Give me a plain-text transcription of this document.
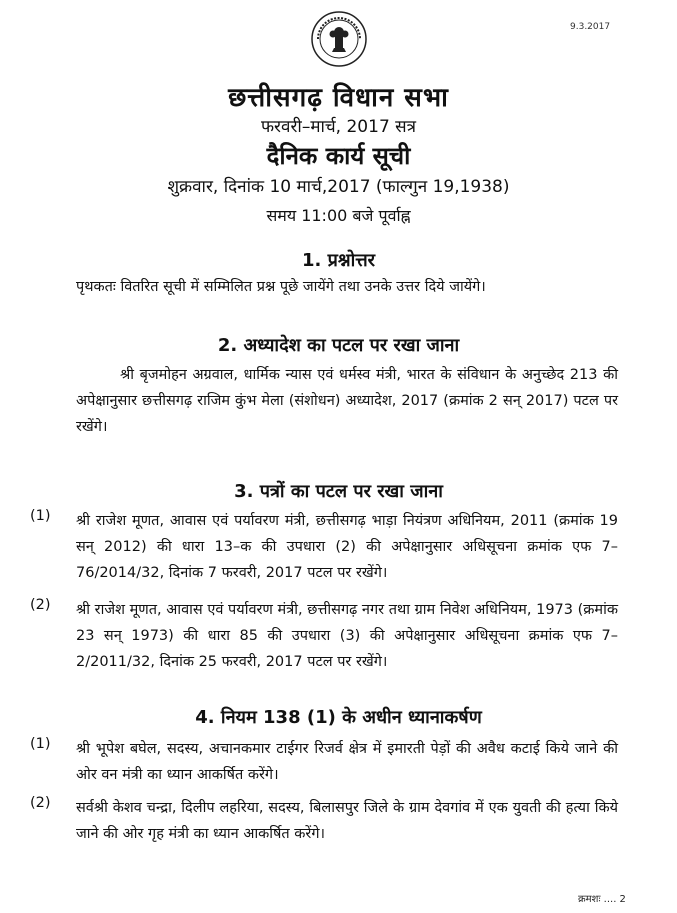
9.3.2017
छत्तीसगढ़ विधान सभा
फरवरी–मार्च, 2017 सत्र
दैनिक कार्य सूची
शुक्रवार, दिनांक 10 मार्च,2017 (फाल्गुन 19,1938)
समय 11:00 बजे पूर्वाह्न
1. प्रश्नोत्तर
पृथकतः वितरित सूची में सम्मिलित प्रश्न पूछे जायेंगे तथा उनके उत्तर दिये जायेंगे।
2. अध्यादेश का पटल पर रखा जाना
श्री बृजमोहन अग्रवाल, धार्मिक न्यास एवं धर्मस्व मंत्री, भारत के संविधान के अनुच्छेद 213 की अपेक्षानुसार छत्तीसगढ़ राजिम कुंभ मेला (संशोधन) अध्यादेश, 2017 (क्रमांक 2 सन् 2017) पटल पर रखेंगे।
3. पत्रों का पटल पर रखा जाना
(1) श्री राजेश मूणत, आवास एवं पर्यावरण मंत्री, छत्तीसगढ़ भाड़ा नियंत्रण अधिनियम, 2011 (क्रमांक 19 सन् 2012) की धारा 13–क की उपधारा (2) की अपेक्षानुसार अधिसूचना क्रमांक एफ 7–76/2014/32, दिनांक 7 फरवरी, 2017 पटल पर रखेंगे।
(2) श्री राजेश मूणत, आवास एवं पर्यावरण मंत्री, छत्तीसगढ़ नगर तथा ग्राम निवेश अधिनियम, 1973 (क्रमांक 23 सन् 1973) की धारा 85 की उपधारा (3) की अपेक्षानुसार अधिसूचना क्रमांक एफ 7–2/2011/32, दिनांक 25 फरवरी, 2017 पटल पर रखेंगे।
4. नियम 138 (1) के अधीन ध्यानाकर्षण
(1) श्री भूपेश बघेल, सदस्य, अचानकमार टाईगर रिजर्व क्षेत्र में इमारती पेड़ों की अवैध कटाई किये जाने की ओर वन मंत्री का ध्यान आकर्षित करेंगे।
(2) सर्वश्री केशव चन्द्रा, दिलीप लहरिया, सदस्य, बिलासपुर जिले के ग्राम देवगांव में एक युवती की हत्या किये जाने की ओर गृह मंत्री का ध्यान आकर्षित करेंगे।
क्रमशः .... 2
